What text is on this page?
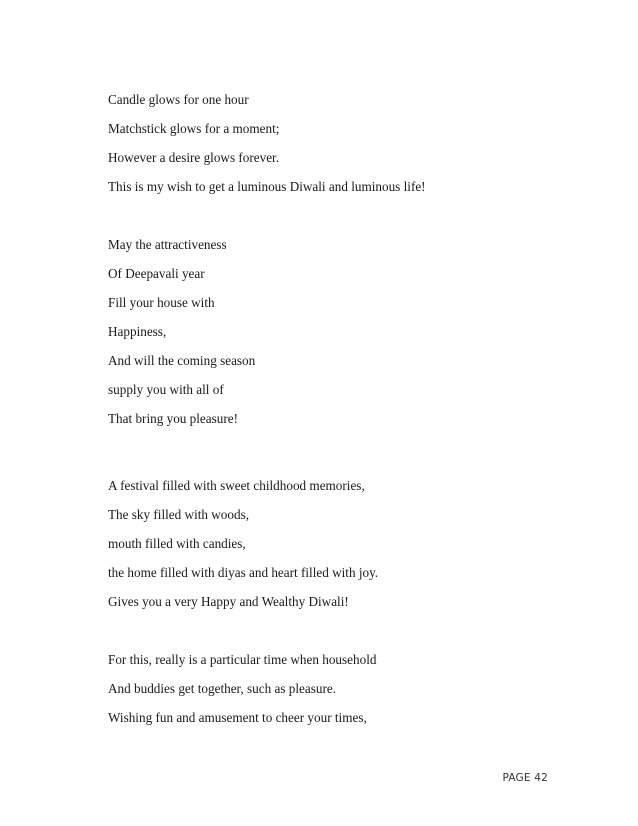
Candle glows for one hour
Matchstick glows for a moment;
However a desire glows forever.
This is my wish to get a luminous Diwali and luminous life!
May the attractiveness
Of Deepavali year
Fill your house with
Happiness,
And will the coming season
supply you with all of
That bring you pleasure!
A festival filled with sweet childhood memories,
The sky filled with woods,
mouth filled with candies,
the home filled with diyas and heart filled with joy.
Gives you a very Happy and Wealthy Diwali!
For this, really is a particular time when household
And buddies get together, such as pleasure.
Wishing fun and amusement to cheer your times,
PAGE 42
